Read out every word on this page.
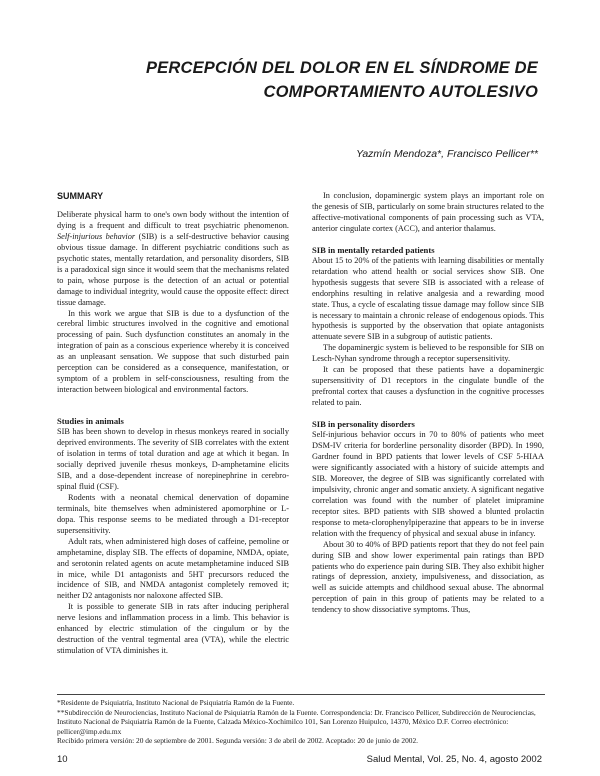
PERCEPCIÓN DEL DOLOR EN EL SÍNDROME DE
COMPORTAMIENTO AUTOLESIVO
Yazmín Mendoza*, Francisco Pellicer**
SUMMARY

Deliberate physical harm to one's own body without the intention of dying is a frequent and difficult to treat psychiatric phenomenon. Self-injurious behavior (SIB) is a self-destructive behavior causing obvious tissue damage. In different psychiatric conditions such as psychotic states, mentally retardation, and personality disorders, SIB is a paradoxical sign since it would seem that the mechanisms related to pain, whose purpose is the detection of an actual or potential damage to individual integrity, would cause the opposite effect: direct tissue damage.

In this work we argue that SIB is due to a dysfunction of the cerebral limbic structures involved in the cognitive and emotional processing of pain. Such dysfunction constitutes an anomaly in the integration of pain as a conscious experience whereby it is conceived as an unpleasant sensation. We suppose that such disturbed pain perception can be considered as a consequence, manifestation, or symptom of a problem in self-consciousness, resulting from the interaction between biological and environmental factors.

Studies in animals

SIB has been shown to develop in rhesus monkeys reared in socially deprived environments. The severity of SIB correlates with the extent of isolation in terms of total duration and age at which it began. In socially deprived juvenile rhesus monkeys, D-amphetamine elicits SIB, and a dose-dependent increase of norepinephrine in cerebro-spinal fluid (CSF).

Rodents with a neonatal chemical denervation of dopamine terminals, bite themselves when administered apomorphine or L-dopa. This response seems to be mediated through a D1-receptor supersensitivity.

Adult rats, when administered high doses of caffeine, pemoline or amphetamine, display SIB. The effects of dopamine, NMDA, opiate, and serotonin related agents on acute metamphetamine induced SIB in mice, while D1 antagonists and 5HT precursors reduced the incidence of SIB, and NMDA antagonist completely removed it; neither D2 antagonists nor naloxone affected SIB.

It is possible to generate SIB in rats after inducing peripheral nerve lesions and inflammation process in a limb. This behavior is enhanced by electric stimulation of the cingulum or by the destruction of the ventral tegmental area (VTA), while the electric stimulation of VTA diminishes it.

In conclusion, dopaminergic system plays an important role on the genesis of SIB, particularly on some brain structures related to the affective-motivational components of pain processing such as VTA, anterior cingulate cortex (ACC), and anterior thalamus.

SIB in mentally retarded patients

About 15 to 20% of the patients with learning disabilities or mentally retardation who attend health or social services show SIB. One hypothesis suggests that severe SIB is associated with a release of endorphins resulting in relative analgesia and a rewarding mood state. Thus, a cycle of escalating tissue damage may follow since SIB is necessary to maintain a chronic release of endogenous opiods. This hypothesis is supported by the observation that opiate antagonists attenuate severe SIB in a subgroup of autistic patients.

The dopaminergic system is believed to be responsible for SIB on Lesch-Nyhan syndrome through a receptor supersensitivity.

It can be proposed that these patients have a dopaminergic supersensitivity of D1 receptors in the cingulate bundle of the prefrontal cortex that causes a dysfunction in the cognitive processes related to pain.

SIB in personality disorders

Self-injurious behavior occurs in 70 to 80% of patients who meet DSM-IV criteria for borderline personality disorder (BPD). In 1990, Gardner found in BPD patients that lower levels of CSF 5-HIAA were significantly associated with a history of suicide attempts and SIB. Moreover, the degree of SIB was significantly correlated with impulsivity, chronic anger and somatic anxiety. A significant negative correlation was found with the number of platelet imipramine receptor sites. BPD patients with SIB showed a blunted prolactin response to meta-clorophenylpiperazine that appears to be in inverse relation with the frequency of physical and sexual abuse in infancy.

About 30 to 40% of BPD patients report that they do not feel pain during SIB and show lower experimental pain ratings than BPD patients who do experience pain during SIB. They also exhibit higher ratings of depression, anxiety, impulsiveness, and dissociation, as well as suicide attempts and childhood sexual abuse. The abnormal perception of pain in this group of patients may be related to a tendency to show dissociative symptoms. Thus,

*Residente de Psiquiatría, Instituto Nacional de Psiquiatría Ramón de la Fuente.
**Subdirección de Neurociencias, Instituto Nacional de Psiquiatría Ramón de la Fuente. Correspondencia: Dr. Francisco Pellicer, Subdirección de Neurociencias, Instituto Nacional de Psiquiatría Ramón de la Fuente, Calzada México-Xochimilco 101, San Lorenzo Huipulco, 14370, México D.F. Correo electrónico: pellicer@imp.edu.mx
Recibido primera versión: 20 de septiembre de 2001. Segunda versión: 3 de abril de 2002. Aceptado: 20 de junio de 2002.
10	Salud Mental, Vol. 25, No. 4, agosto 2002
